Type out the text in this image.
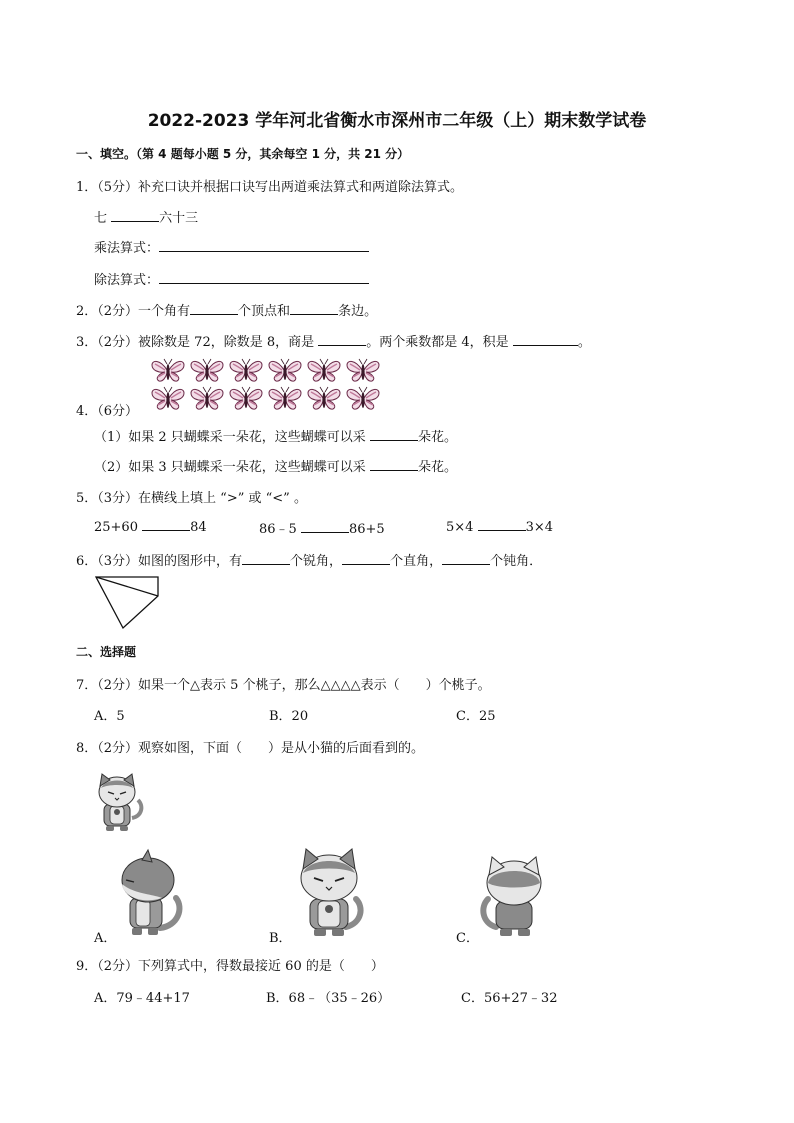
2022-2023 学年河北省衡水市深州市二年级（上）期末数学试卷
一、填空。（第 4 题每小题 5 分，其余每空 1 分，共 21 分）
1．（5分）补充口诀并根据口诀写出两道乘法算式和两道除法算式。
七	六十三
乘法算式：
除法算式：
2．（2分）一个角有	个顶点和	条边。
3．（2分）被除数是 72，除数是 8，商是	。两个乘数都是 4，积是	。
4．（6分）
（1）如果 2 只蝴蝶采一朵花，这些蝴蝶可以采	朵花。
（2）如果 3 只蝴蝶采一朵花，这些蝴蝶可以采	朵花。
5．（3分）在横线上填上 “>” 或 “<” 。
25+60	84	86﹣5	86+5	5×4	3×4
6．（3分）如图的图形中，有	个锐角，	个直角，	个钝角．
二、选择题
7．（2分）如果一个△表示 5 个桃子，那么△△△△表示（　　）个桃子。
A．5	B．20	C．25
8．（2分）观察如图，下面（　　）是从小猫的后面看到的。
A．	B．	C．
9．（2分）下列算式中，得数最接近 60 的是（　　）
A．79﹣44+17	B．68﹣（35﹣26）	C．56+27﹣32
